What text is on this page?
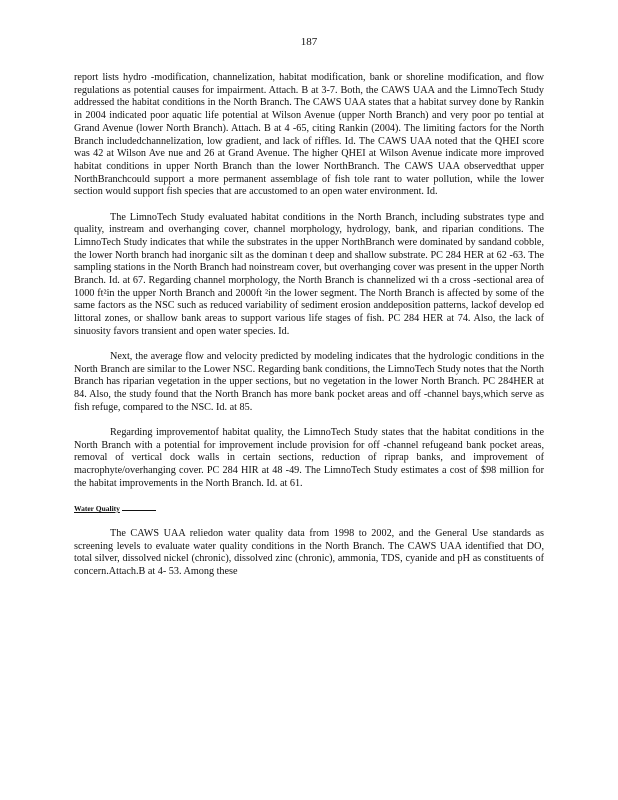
187

report lists hydro -modification, channelization, habitat modification, bank or shoreline modification, and flow regulations as potential causes for impairment. Attach. B at 3-7. Both, the CAWS UAA and the LimnoTech Study addressed the habitat conditions in the North Branch. The CAWS UAA states that a habitat survey done by Rankin in 2004 indicated poor aquatic life potential at Wilson Avenue (upper North Branch) and very poor po tential at Grand Avenue (lower North Branch). Attach. B at 4 -65, citing Rankin (2004). The limiting factors for the North Branch includedchannelization, low gradient, and lack of riffles. Id. The CAWS UAA noted that the QHEI score was 42 at Wilson Ave nue and 26 at Grand Avenue. The higher QHEI at Wilson Avenue indicate more improved habitat conditions in upper North Branch than the lower NorthBranch. The CAWS UAA observedthat upper NorthBranchcould support a more permanent assemblage of fish tole rant to water pollution, while the lower section would support fish species that are accustomed to an open water environment. Id.

The LimnoTech Study evaluated habitat conditions in the North Branch, including substrates type and quality, instream and overhanging cover, channel morphology, hydrology, bank, and riparian conditions. The LimnoTech Study indicates that while the substrates in the upper NorthBranch were dominated by sandand cobble, the lower North branch had inorganic silt as the dominan t deep and shallow substrate. PC 284 HER at 62 -63. The sampling stations in the North Branch had noinstream cover, but overhanging cover was present in the upper North Branch. Id. at 67. Regarding channel morphology, the North Branch is channelized wi th a cross -sectional area of 1000 ft²in the upper North Branch and 2000ft ²in the lower segment. The North Branch is affected by some of the same factors as the NSC such as reduced variability of sediment erosion anddeposition patterns, lackof develop ed littoral zones, or shallow bank areas to support various life stages of fish. PC 284 HER at 74. Also, the lack of sinuosity favors transient and open water species. Id.

Next, the average flow and velocity predicted by modeling indicates that the hydrologic conditions in the North Branch are similar to the Lower NSC. Regarding bank conditions, the LimnoTech Study notes that the North Branch has riparian vegetation in the upper sections, but no vegetation in the lower North Branch. PC 284HER at 84. Also, the study found that the North Branch has more bank pocket areas and off -channel bays,which serve as fish refuge, compared to the NSC. Id. at 85.

Regarding improvementof habitat quality, the LimnoTech Study states that the habitat conditions in the North Branch with a potential for improvement include provision for off -channel refugeand bank pocket areas, removal of vertical dock walls in certain sections, reduction of riprap banks, and improvement of macrophyte/overhanging cover. PC 284 HIR at 48 -49. The LimnoTech Study estimates a cost of $98 million for the habitat improvements in the North Branch. Id. at 61.

Water Quality

The CAWS UAA reliedon water quality data from 1998 to 2002, and the General Use standards as screening levels to evaluate water quality conditions in the North Branch. The CAWS UAA identified that DO, total silver, dissolved nickel (chronic), dissolved zinc (chronic), ammonia, TDS, cyanide and pH as constituents of concern.Attach.B at 4- 53. Among these
